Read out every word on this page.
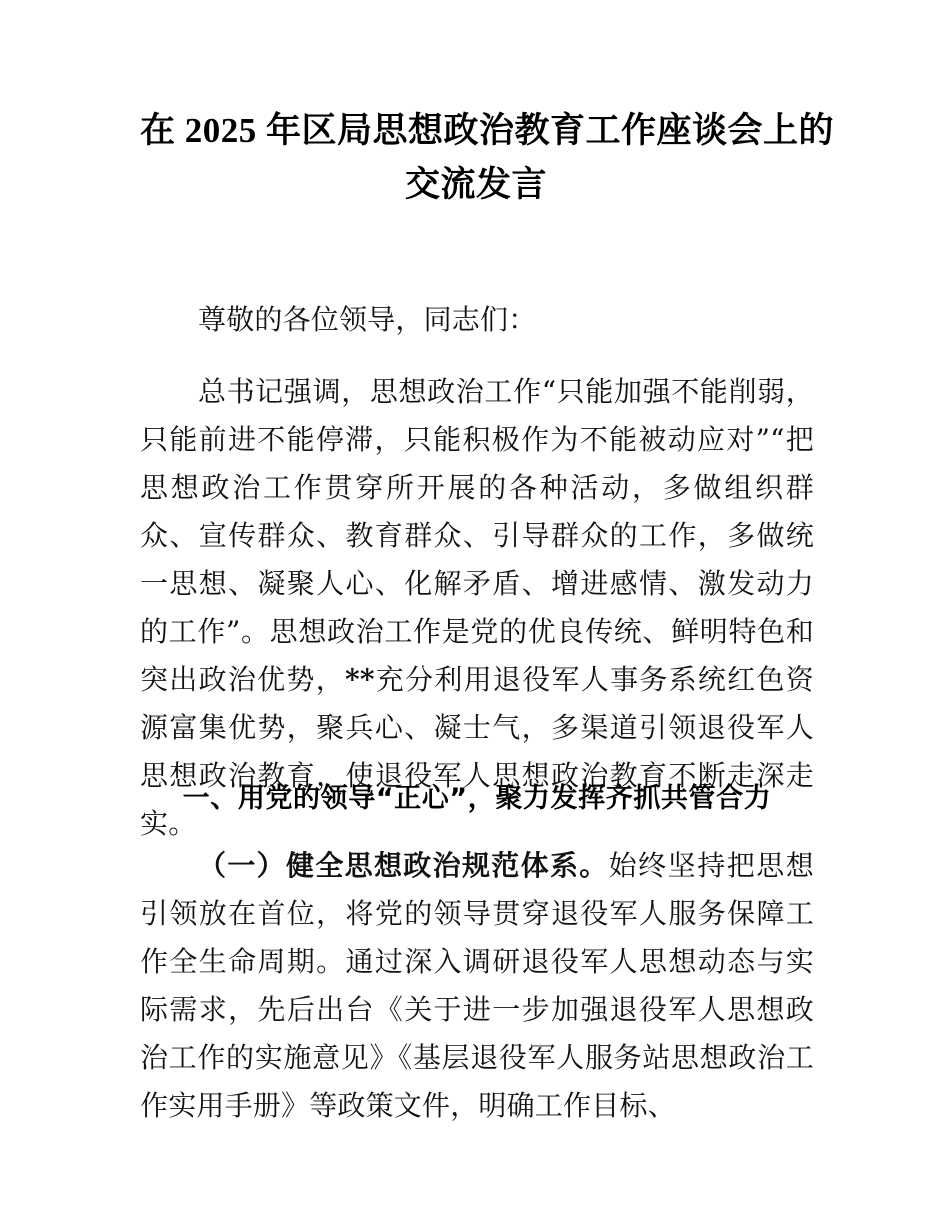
在 2025 年区局思想政治教育工作座谈会上的
交流发言
尊敬的各位领导，同志们：
总书记强调，思想政治工作“只能加强不能削弱，只能前进不能停滞，只能积极作为不能被动应对”“把思想政治工作贯穿所开展的各种活动，多做组织群众、宣传群众、教育群众、引导群众的工作，多做统一思想、凝聚人心、化解矛盾、增进感情、激发动力的工作”。思想政治工作是党的优良传统、鲜明特色和突出政治优势，**充分利用退役军人事务系统红色资源富集优势，聚兵心、凝士气，多渠道引领退役军人思想政治教育，使退役军人思想政治教育不断走深走实。
一、用党的领导“正心”，聚力发挥齐抓共管合力
（一）健全思想政治规范体系。始终坚持把思想引领放在首位，将党的领导贯穿退役军人服务保障工作全生命周期。通过深入调研退役军人思想动态与实际需求，先后出台《关于进一步加强退役军人思想政治工作的实施意见》《基层退役军人服务站思想政治工作实用手册》等政策文件，明确工作目标、
